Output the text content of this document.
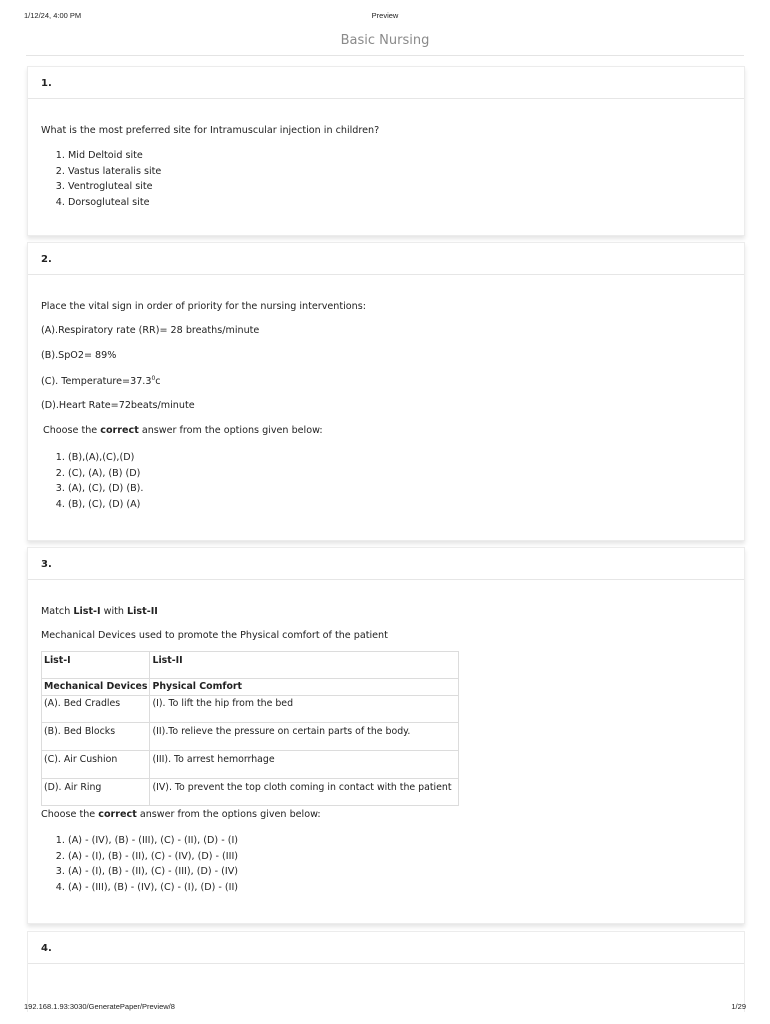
1/12/24, 4:00 PM	Preview
Basic Nursing
1.

What is the most preferred site for Intramuscular injection in children?

1. Mid Deltoid site
2. Vastus lateralis site
3. Ventrogluteal site
4. Dorsogluteal site
2.

Place the vital sign in order of priority for the nursing interventions:

(A).Respiratory rate (RR)= 28 breaths/minute

(B).SpO2= 89%

(C). $Temperature=37.3^0c$

(D).Heart Rate=72beats/minute

Choose the correct answer from the options given below:

1. (B),(A),(C),(D)
2. (C), (A), (B) (D)
3. (A), (C), (D) (B).
4. (B), (C), (D) (A)
3.

Match List-I with List-II

Mechanical Devices used to promote the Physical comfort of the patient

List-I	List-II
Mechanical Devices	Physical Comfort
(A). Bed Cradles	(I). To lift the hip from the bed
(B). Bed Blocks	(II).To relieve the pressure on certain parts of the body.
(C). Air Cushion	(III). To arrest hemorrhage
(D). Air Ring	(IV). To prevent the top cloth coming in contact with the patient

Choose the correct answer from the options given below:

1. (A) - (IV), (B) - (III), (C) - (II), (D) - (I)
2. (A) - (I), (B) - (II), (C) - (IV), (D) - (III)
3. (A) - (I), (B) - (II), (C) - (III), (D) - (IV)
4. (A) - (III), (B) - (IV), (C) - (I), (D) - (II)
4.
192.168.1.93:3030/GeneratePaper/Preview/8	1/29
